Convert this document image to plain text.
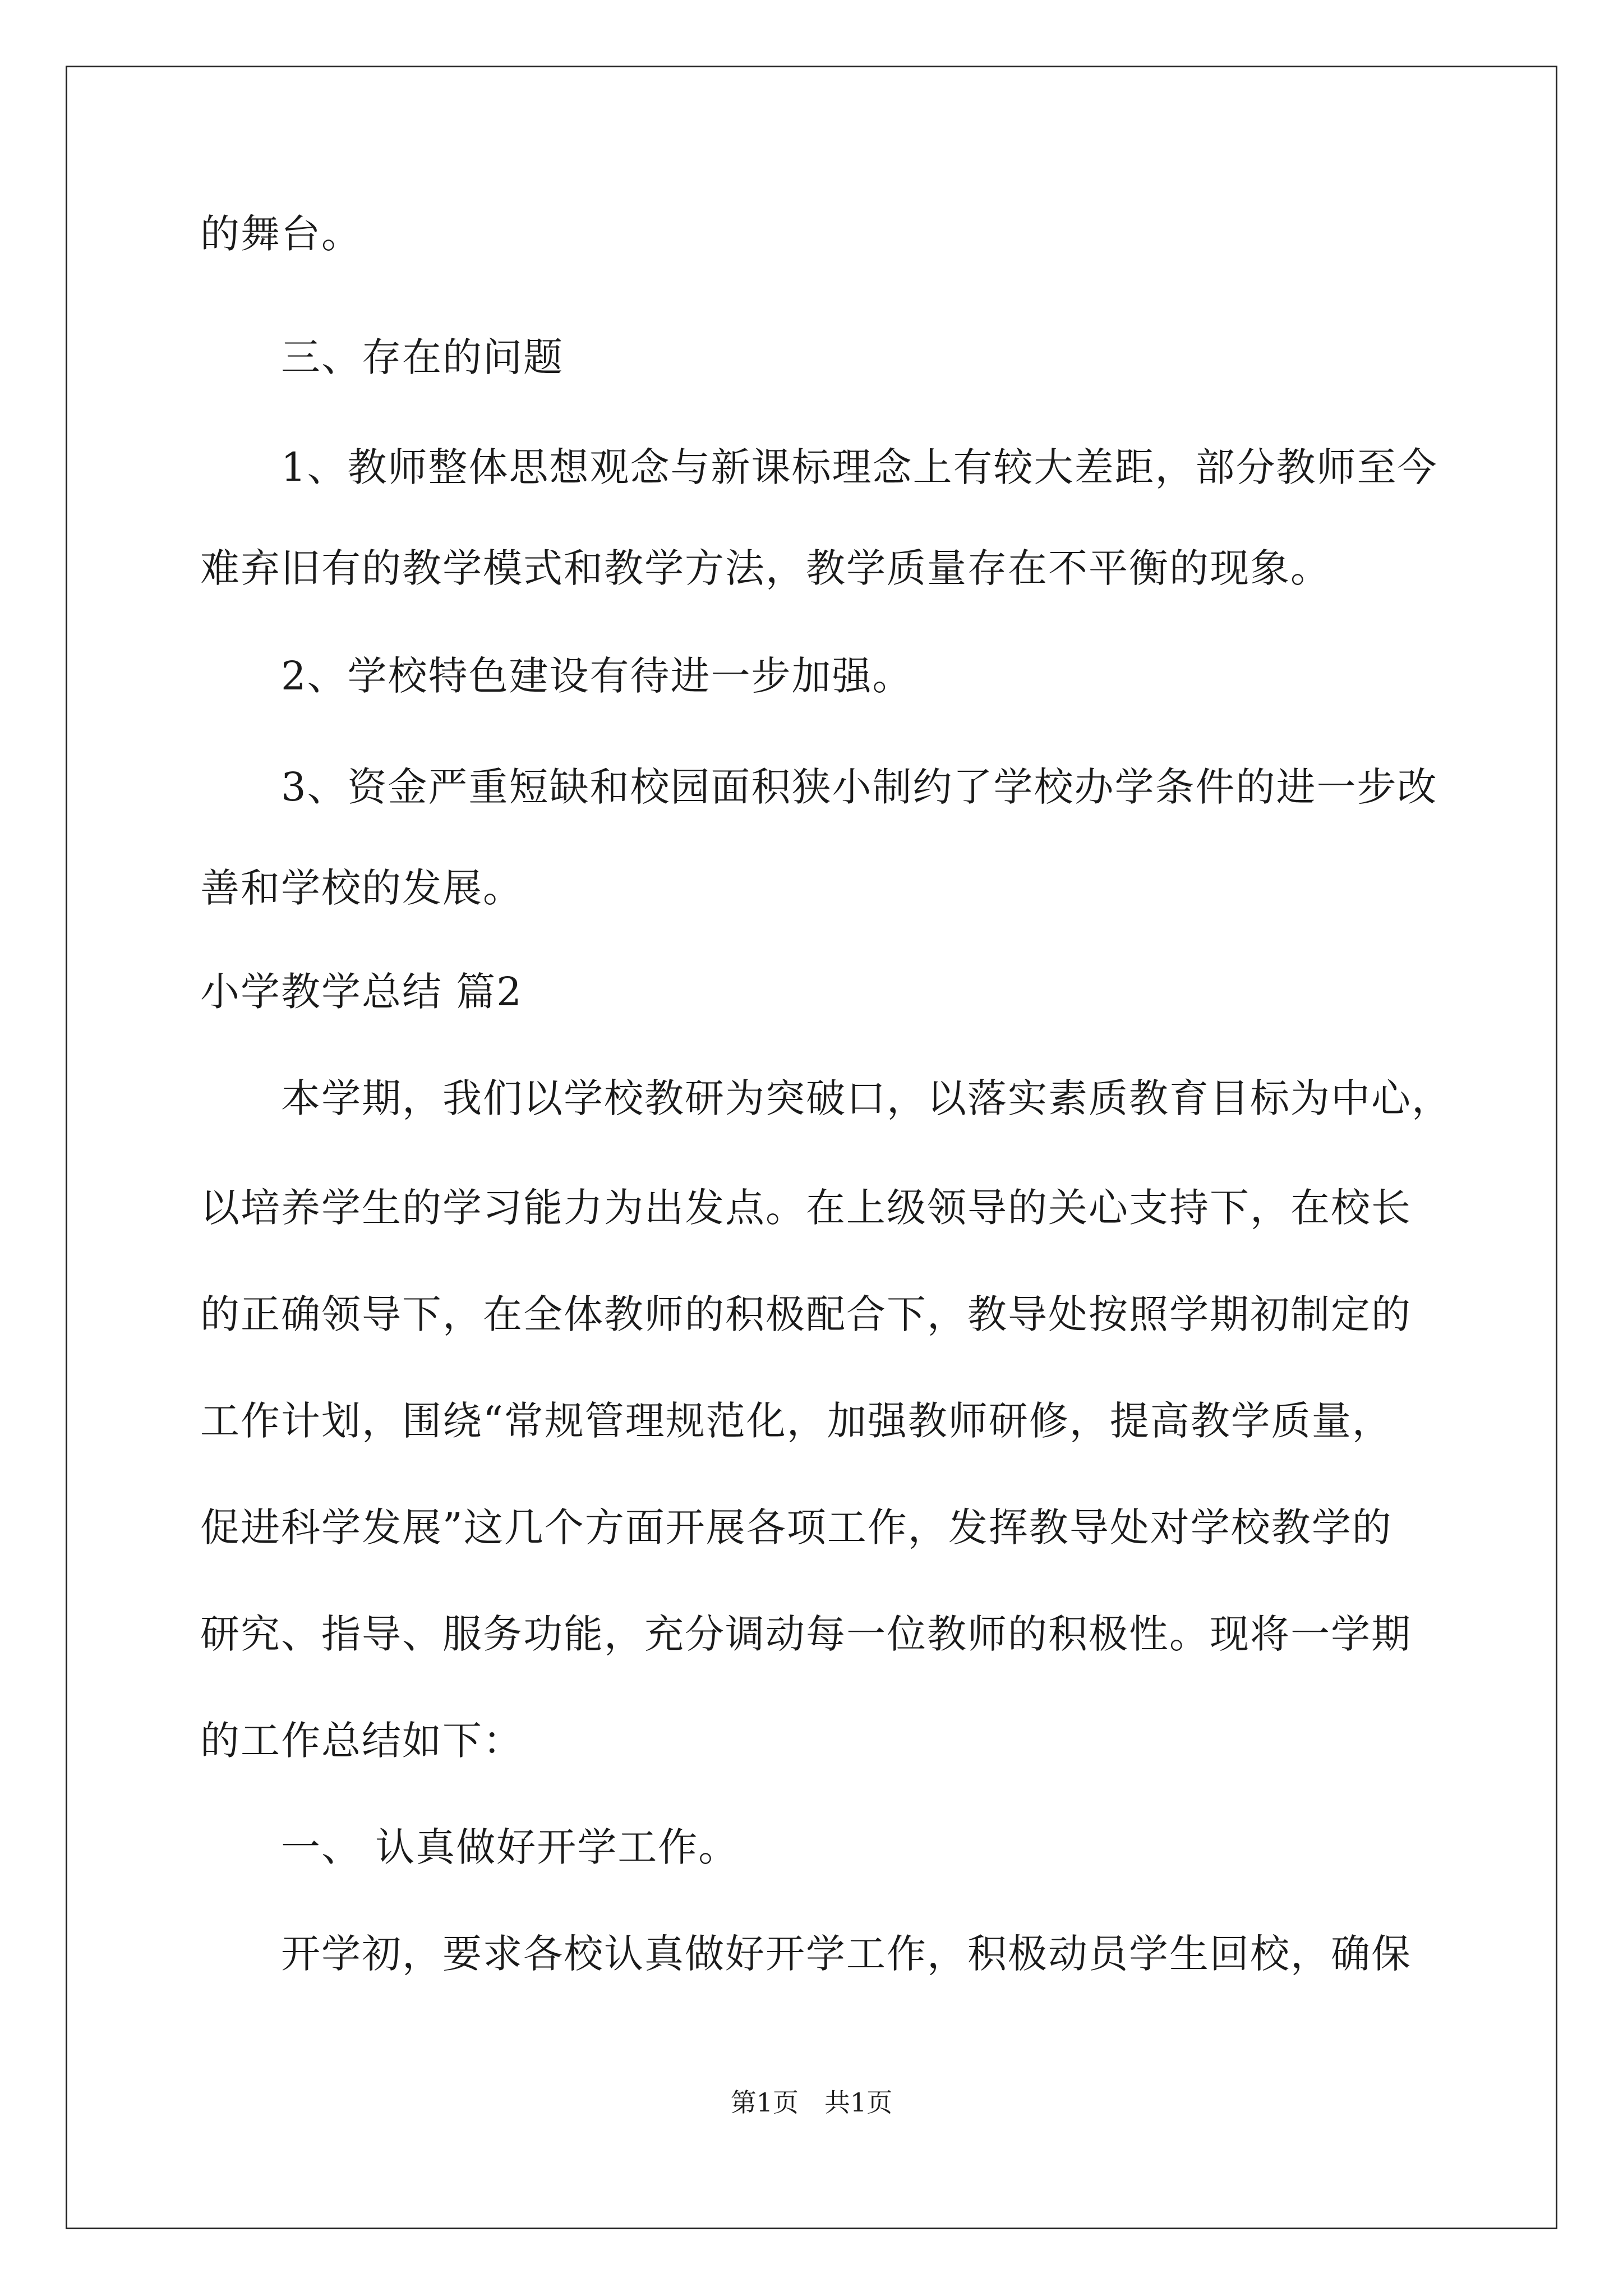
的舞台。
　　三、存在的问题
　　1、教师整体思想观念与新课标理念上有较大差距，部分教师至今
难弃旧有的教学模式和教学方法，教学质量存在不平衡的现象。
　　2、学校特色建设有待进一步加强。
　　3、资金严重短缺和校园面积狭小制约了学校办学条件的进一步改
善和学校的发展。
小学教学总结 篇2
　　本学期，我们以学校教研为突破口，以落实素质教育目标为中心，
以培养学生的学习能力为出发点。在上级领导的关心支持下，在校长
的正确领导下，在全体教师的积极配合下，教导处按照学期初制定的
工作计划，围绕“常规管理规范化，加强教师研修，提高教学质量，
促进科学发展”这几个方面开展各项工作，发挥教导处对学校教学的
研究、指导、服务功能，充分调动每一位教师的积极性。现将一学期
的工作总结如下：
　　一、 认真做好开学工作。
　　开学初，要求各校认真做好开学工作，积极动员学生回校，确保
第1页　共1页
